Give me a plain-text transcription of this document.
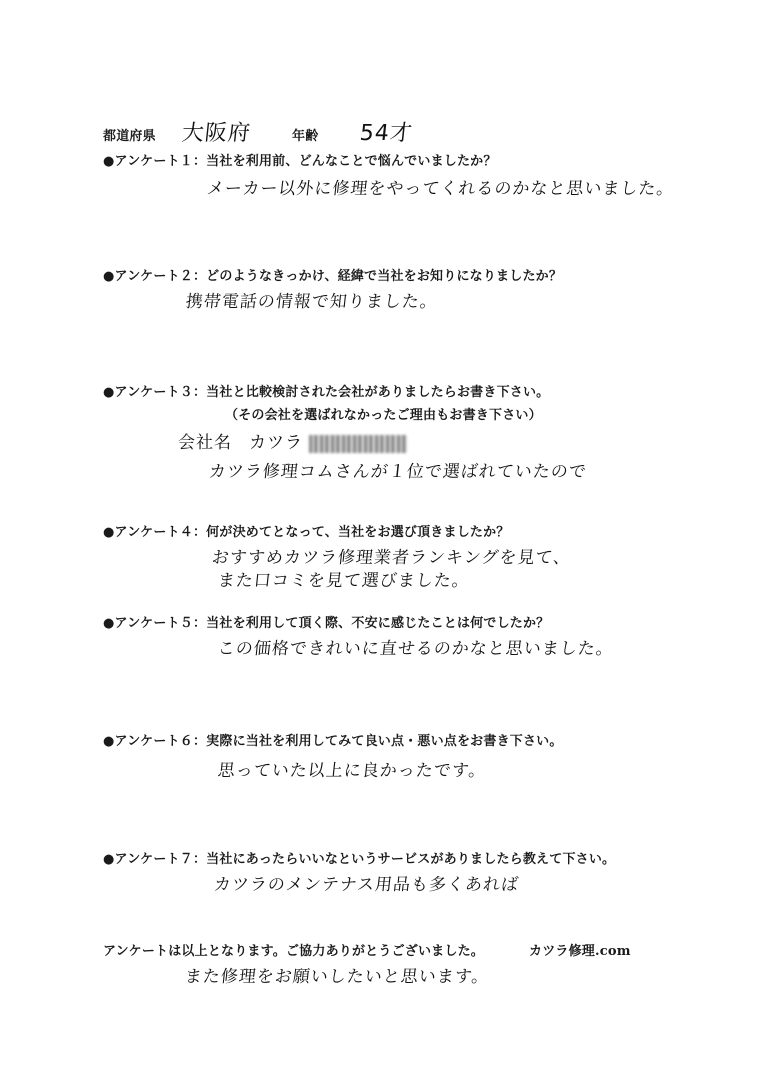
都道府県 大阪府	年齢 54才
●アンケート１：当社を利用前、どんなことで悩んでいましたか？
メーカー以外に修理をやってくれるのかなと思いました。
●アンケート２：どのようなきっかけ、経緯で当社をお知りになりましたか？
携帯電話の情報で知りました。
●アンケート３：当社と比較検討された会社がありましたらお書き下さい。
（その会社を選ばれなかったご理由もお書き下さい）
会社名 カツラ
カツラ修理コムさんが１位で選ばれていたので
●アンケート４：何が決めてとなって、当社をお選び頂きましたか？
おすすめカツラ修理業者ランキングを見て、
また口コミを見て選びました。
●アンケート５：当社を利用して頂く際、不安に感じたことは何でしたか？
この価格できれいに直せるのかなと思いました。
●アンケート６：実際に当社を利用してみて良い点・悪い点をお書き下さい。
思っていた以上に良かったです。
●アンケート７：当社にあったらいいなというサービスがありましたら教えて下さい。
カツラのメンテナス用品も多くあれば
アンケートは以上となります。ご協力ありがとうございました。	カツラ修理.com
また修理をお願いしたいと思います。
